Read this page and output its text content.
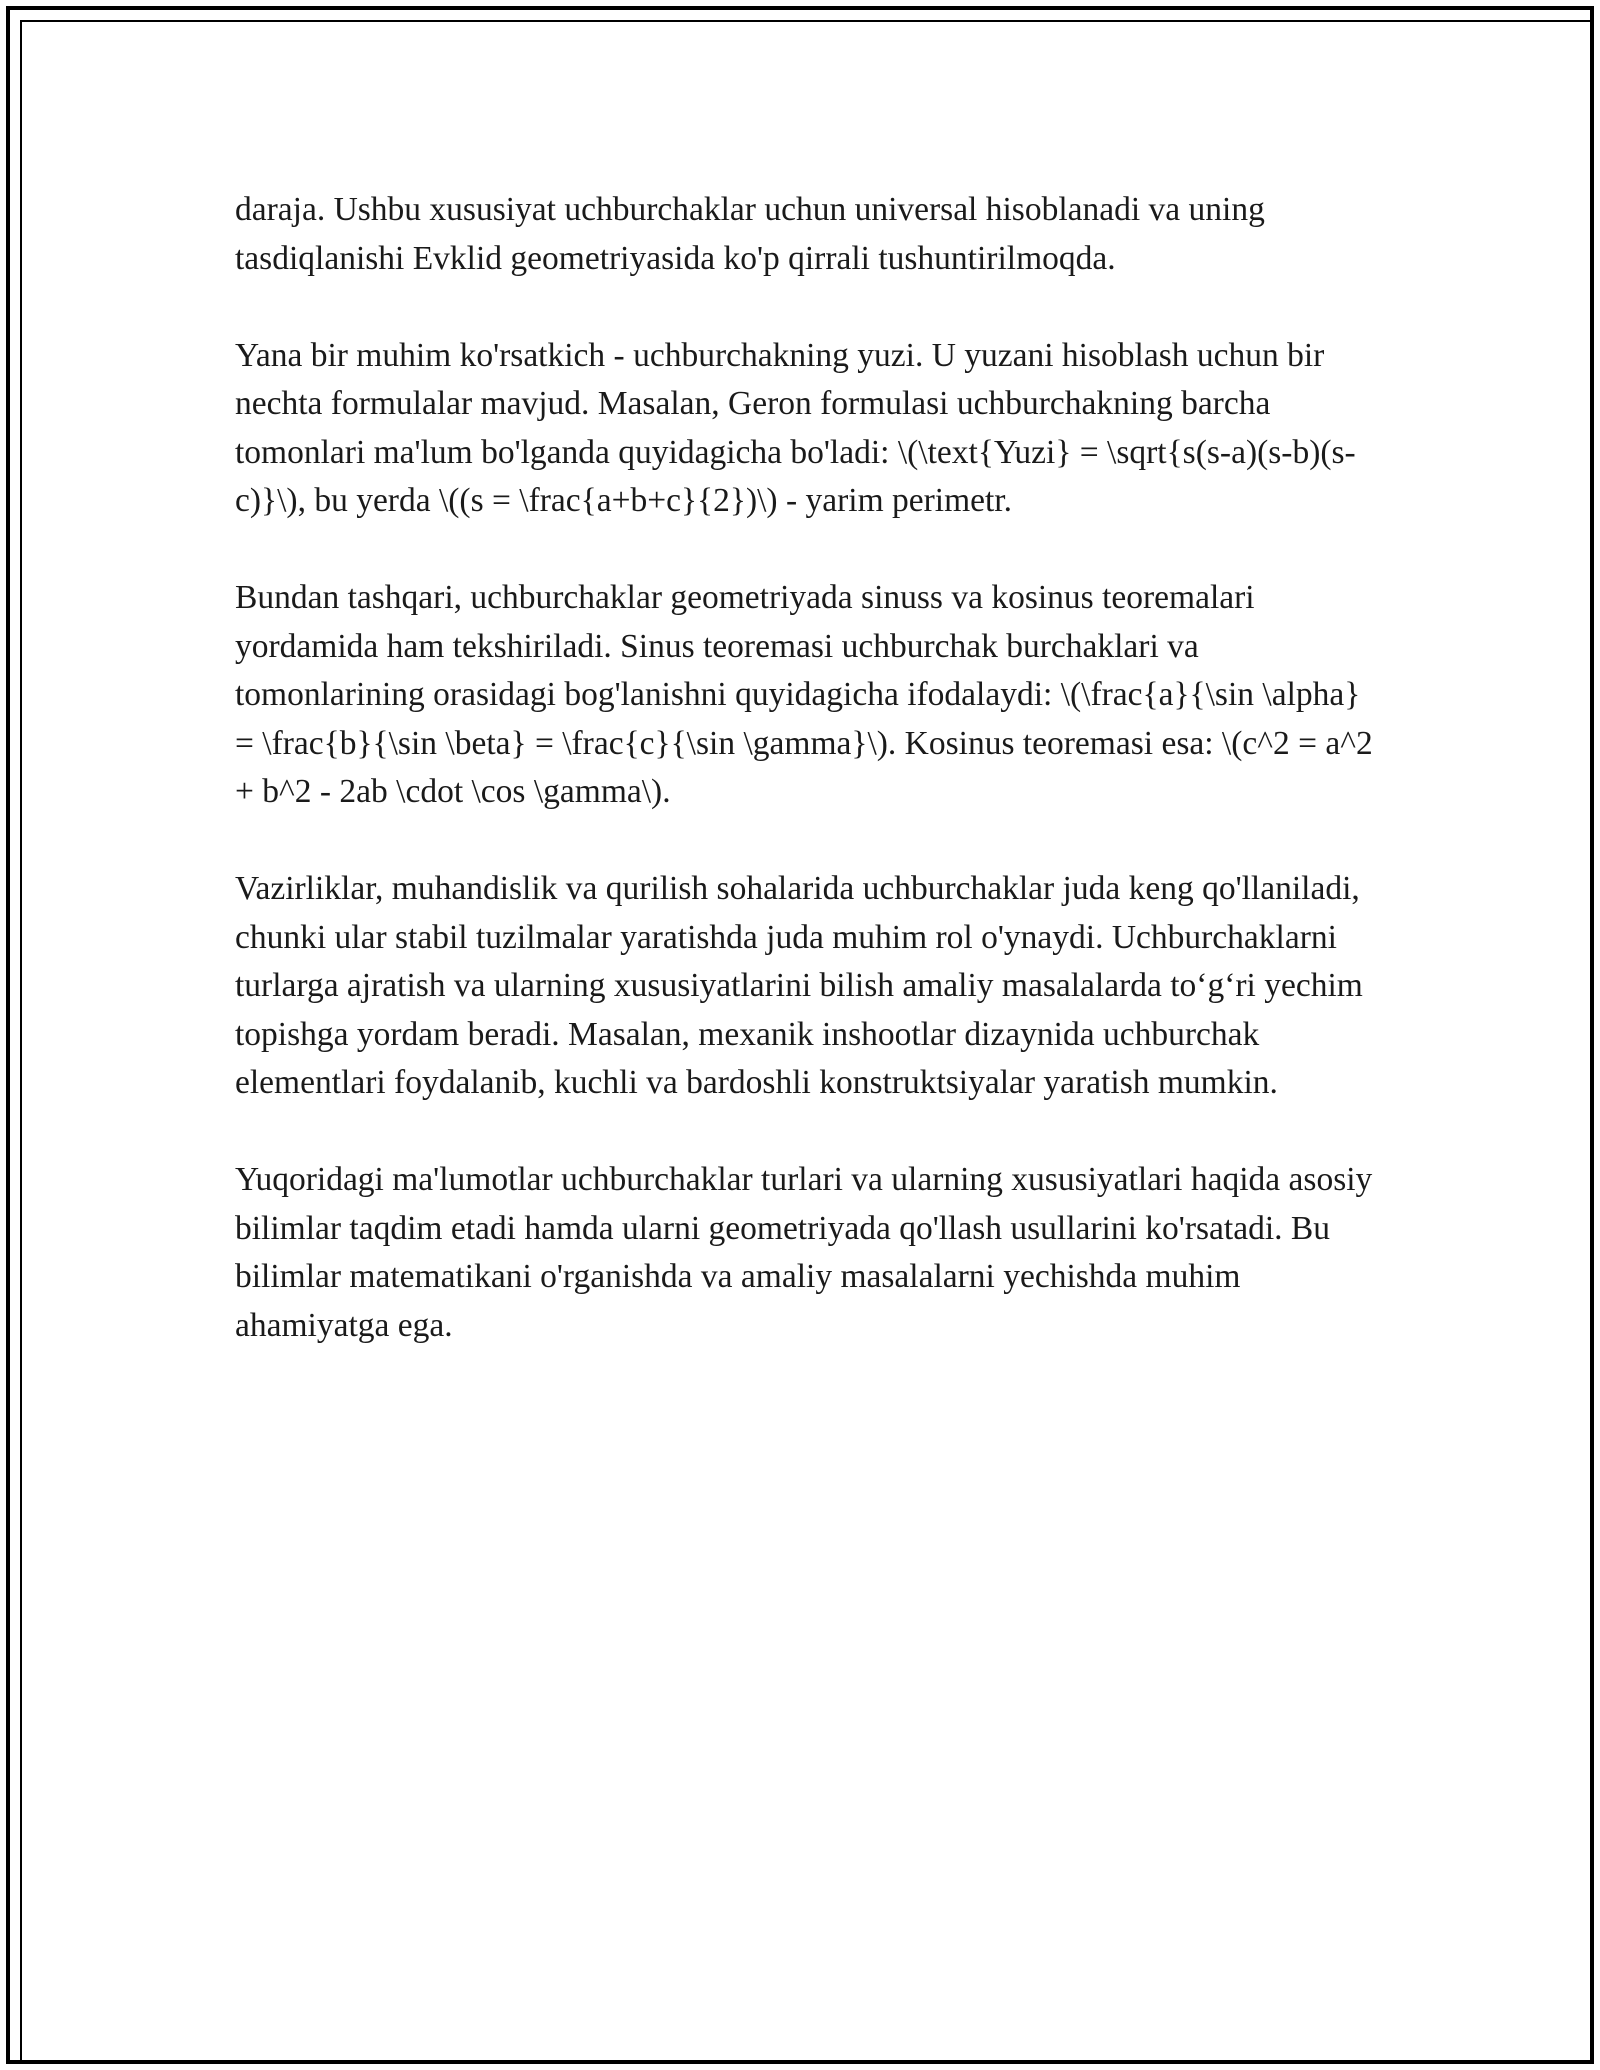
daraja. Ushbu xususiyat uchburchaklar uchun universal hisoblanadi va uning tasdiqlanishi Evklid geometriyasida ko'p qirrali tushuntirilmoqda.

Yana bir muhim ko'rsatkich - uchburchakning yuzi. U yuzani hisoblash uchun bir nechta formulalar mavjud. Masalan, Geron formulasi uchburchakning barcha tomonlari ma'lum bo'lganda quyidagicha bo'ladi: \(\text{Yuzi} = \sqrt{s(s-a)(s-b)(s-c)}\), bu yerda \((s = \frac{a+b+c}{2})\) - yarim perimetr.

Bundan tashqari, uchburchaklar geometriyada sinuss va kosinus teoremalari yordamida ham tekshiriladi. Sinus teoremasi uchburchak burchaklari va tomonlarining orasidagi bog'lanishni quyidagicha ifodalaydi: \(\frac{a}{\sin \alpha} = \frac{b}{\sin \beta} = \frac{c}{\sin \gamma}\). Kosinus teoremasi esa: \(c^2 = a^2 + b^2 - 2ab \cdot \cos \gamma\).

Vazirliklar, muhandislik va qurilish sohalarida uchburchaklar juda keng qo'llaniladi, chunki ular stabil tuzilmalar yaratishda juda muhim rol o'ynaydi. Uchburchaklarni turlarga ajratish va ularning xususiyatlarini bilish amaliy masalalarda to‘g‘ri yechim topishga yordam beradi. Masalan, mexanik inshootlar dizaynida uchburchak elementlari foydalanib, kuchli va bardoshli konstruktsiyalar yaratish mumkin.

Yuqoridagi ma'lumotlar uchburchaklar turlari va ularning xususiyatlari haqida asosiy bilimlar taqdim etadi hamda ularni geometriyada qo'llash usullarini ko'rsatadi. Bu bilimlar matematikani o'rganishda va amaliy masalalarni yechishda muhim ahamiyatga ega.
